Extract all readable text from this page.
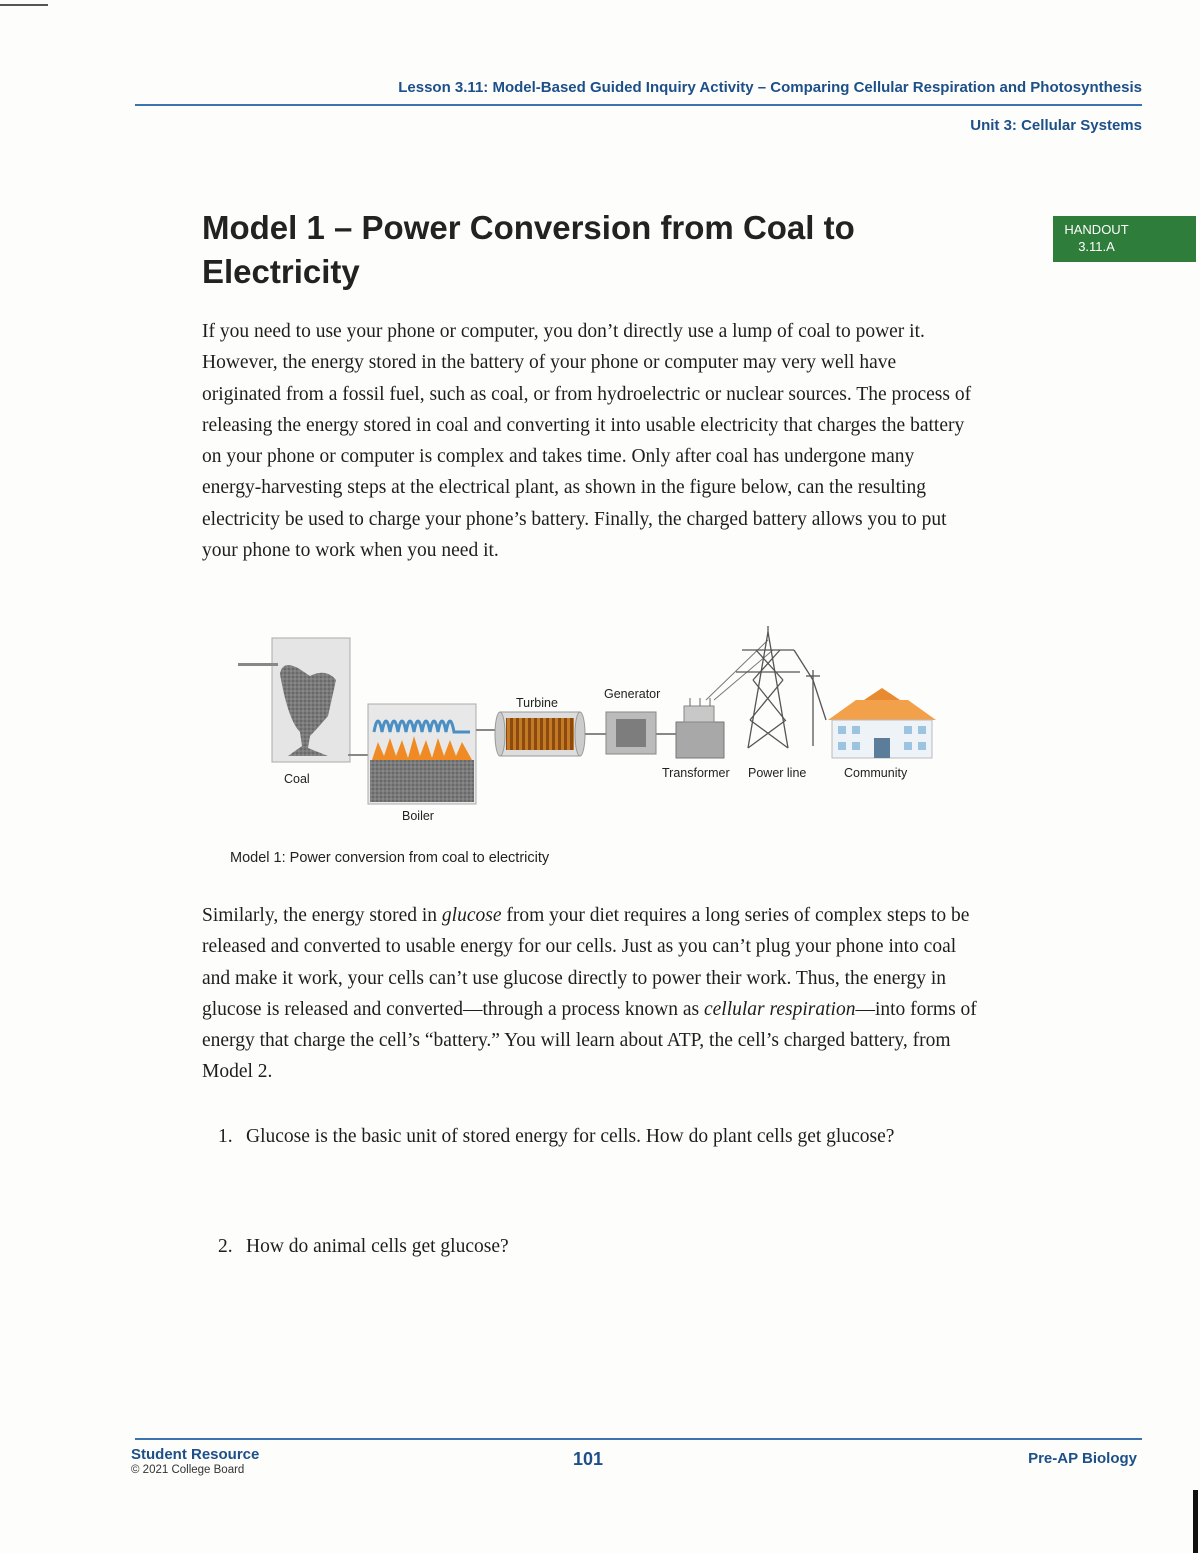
Lesson 3.11: Model-Based Guided Inquiry Activity – Comparing Cellular Respiration and Photosynthesis
Unit 3: Cellular Systems
HANDOUT
3.11.A
Model 1 – Power Conversion from Coal to Electricity

If you need to use your phone or computer, you don’t directly use a lump of coal to power it. However, the energy stored in the battery of your phone or computer may very well have originated from a fossil fuel, such as coal, or from hydroelectric or nuclear sources. The process of releasing the energy stored in coal and converting it into usable electricity that charges the battery on your phone or computer is complex and takes time. Only after coal has undergone many energy-harvesting steps at the electrical plant, as shown in the figure below, can the resulting electricity be used to charge your phone’s battery. Finally, the charged battery allows you to put your phone to work when you need it.

Coal
Boiler
Turbine
Generator
Transformer Power line	Community
Model 1: Power conversion from coal to electricity

Similarly, the energy stored in glucose from your diet requires a long series of complex steps to be released and converted to usable energy for our cells. Just as you can’t plug your phone into coal and make it work, your cells can’t use glucose directly to power their work. Thus, the energy in glucose is released and converted—through a process known as cellular respiration—into forms of energy that charge the cell’s “battery.” You will learn about ATP, the cell’s charged battery, from Model 2.

1. Glucose is the basic unit of stored energy for cells. How do plant cells get glucose?
2. How do animal cells get glucose?
Student Resource
© 2021 College Board
101	Pre-AP Biology
